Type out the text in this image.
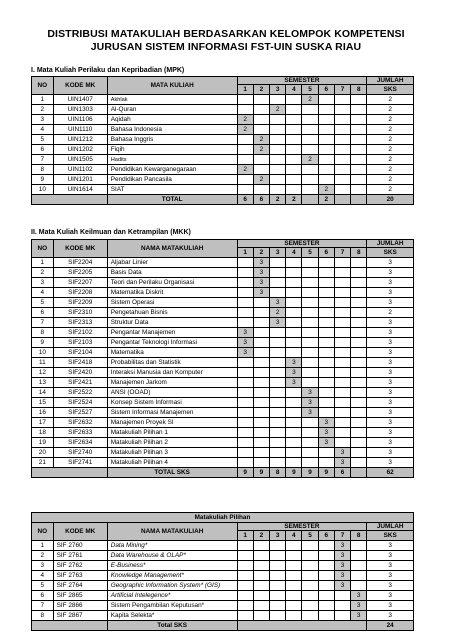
DISTRIBUSI MATAKULIAH BERDASARKAN KELOMPOK KOMPETENSI
JURUSAN SISTEM INFORMASI FST-UIN SUSKA RIAU
I. Mata Kuliah Perilaku dan Kepribadian (MPK)
NO	KODE MK	MATA KULIAH	SEMESTER								JUMLAH
			1	2	3	4	5	6	7	8	SKS
1	UIN1407	Akhlak					2				2
2	UIN1303	Al-Quran			2						2
3	UIN1106	Aqidah	2								2
4	UIN1110	Bahasa Indonesia	2								2
5	UIN1212	Bahasa Inggris		2							2
6	UIN1202	Fiqih		2							2
7	UIN1505	Hadits					2				2
8	UIN1102	Pendidikan Kewarganegaraan	2								2
9	UIN1201	Pendidikan Pancasila		2							2
10	UIN1614	SIAT						2			2
		TOTAL	6	6	2	2		2			20
II. Mata Kuliah Keilmuan dan Ketrampilan (MKK)
NO	KODE MK	NAMA MATAKULIAH	SEMESTER								JUMLAH
			1	2	3	4	5	6	7	8	SKS
1	SIF2204	Aljabar Linier		3							3
2	SIF2205	Basis Data		3							3
3	SIF2207	Teori dan Perilaku Organisasi		3							3
4	SIF2208	Matematika Diskrit		3							3
5	SIF2209	Sistem Operasi			3						3
6	SIF2310	Pengetahuan Bisnis			2						2
7	SIF2313	Struktur Data			3						3
8	SIF2102	Pengantar Manajemen	3								3
9	SIF2103	Pengantar Teknologi Informasi	3								3
10	SIF2104	Matematika	3								3
11	SIF2418	Probabilitas dan Statistik				3					3
12	SIF2420	Interaksi Manusia dan Komputer				3					3
13	SIF2421	Manajemen Jarkom				3					3
14	SIF2522	ANSI (OOAD)					3				3
15	SIF2524	Konsep Sistem Informasi					3				3
16	SIF2527	Sistem Informasi Manajemen					3				3
17	SIF2632	Manajemen Proyek SI						3			3
18	SIF2633	Matakuliah Pilihan 1						3			3
19	SIF2634	Matakuliah Pilihan 2						3			3
20	SIF2740	Matakuliah Pilihan 3							3		3
21	SIF2741	Matakuliah Pilihan 4							3		3
		TOTAL SKS	9	9	8	9	9	9	6		62
Matakuliah Pilihan											
NO	KODE MK	NAMA MATAKULIAH	SEMESTER								JUMLAH
			1	2	3	4	5	6	7	8	SKS
1	SIF 2760	Data Mining*							3		3
2	SIF 2761	Data Warehouse & OLAP*							3		3
3	SIF 2762	E-Business*							3		3
4	SIF 2763	Knowledge Management*							3		3
5	SIF 2764	Geographic Information System* (GIS)							3		3
6	SIF 2865	Artificial Intelegence*								3	3
7	SIF 2866	Sistem Pengambilan Keputusan*								3	3
8	SIF 2867	Kapita Selekta*								3	3
		Total SKS									24
